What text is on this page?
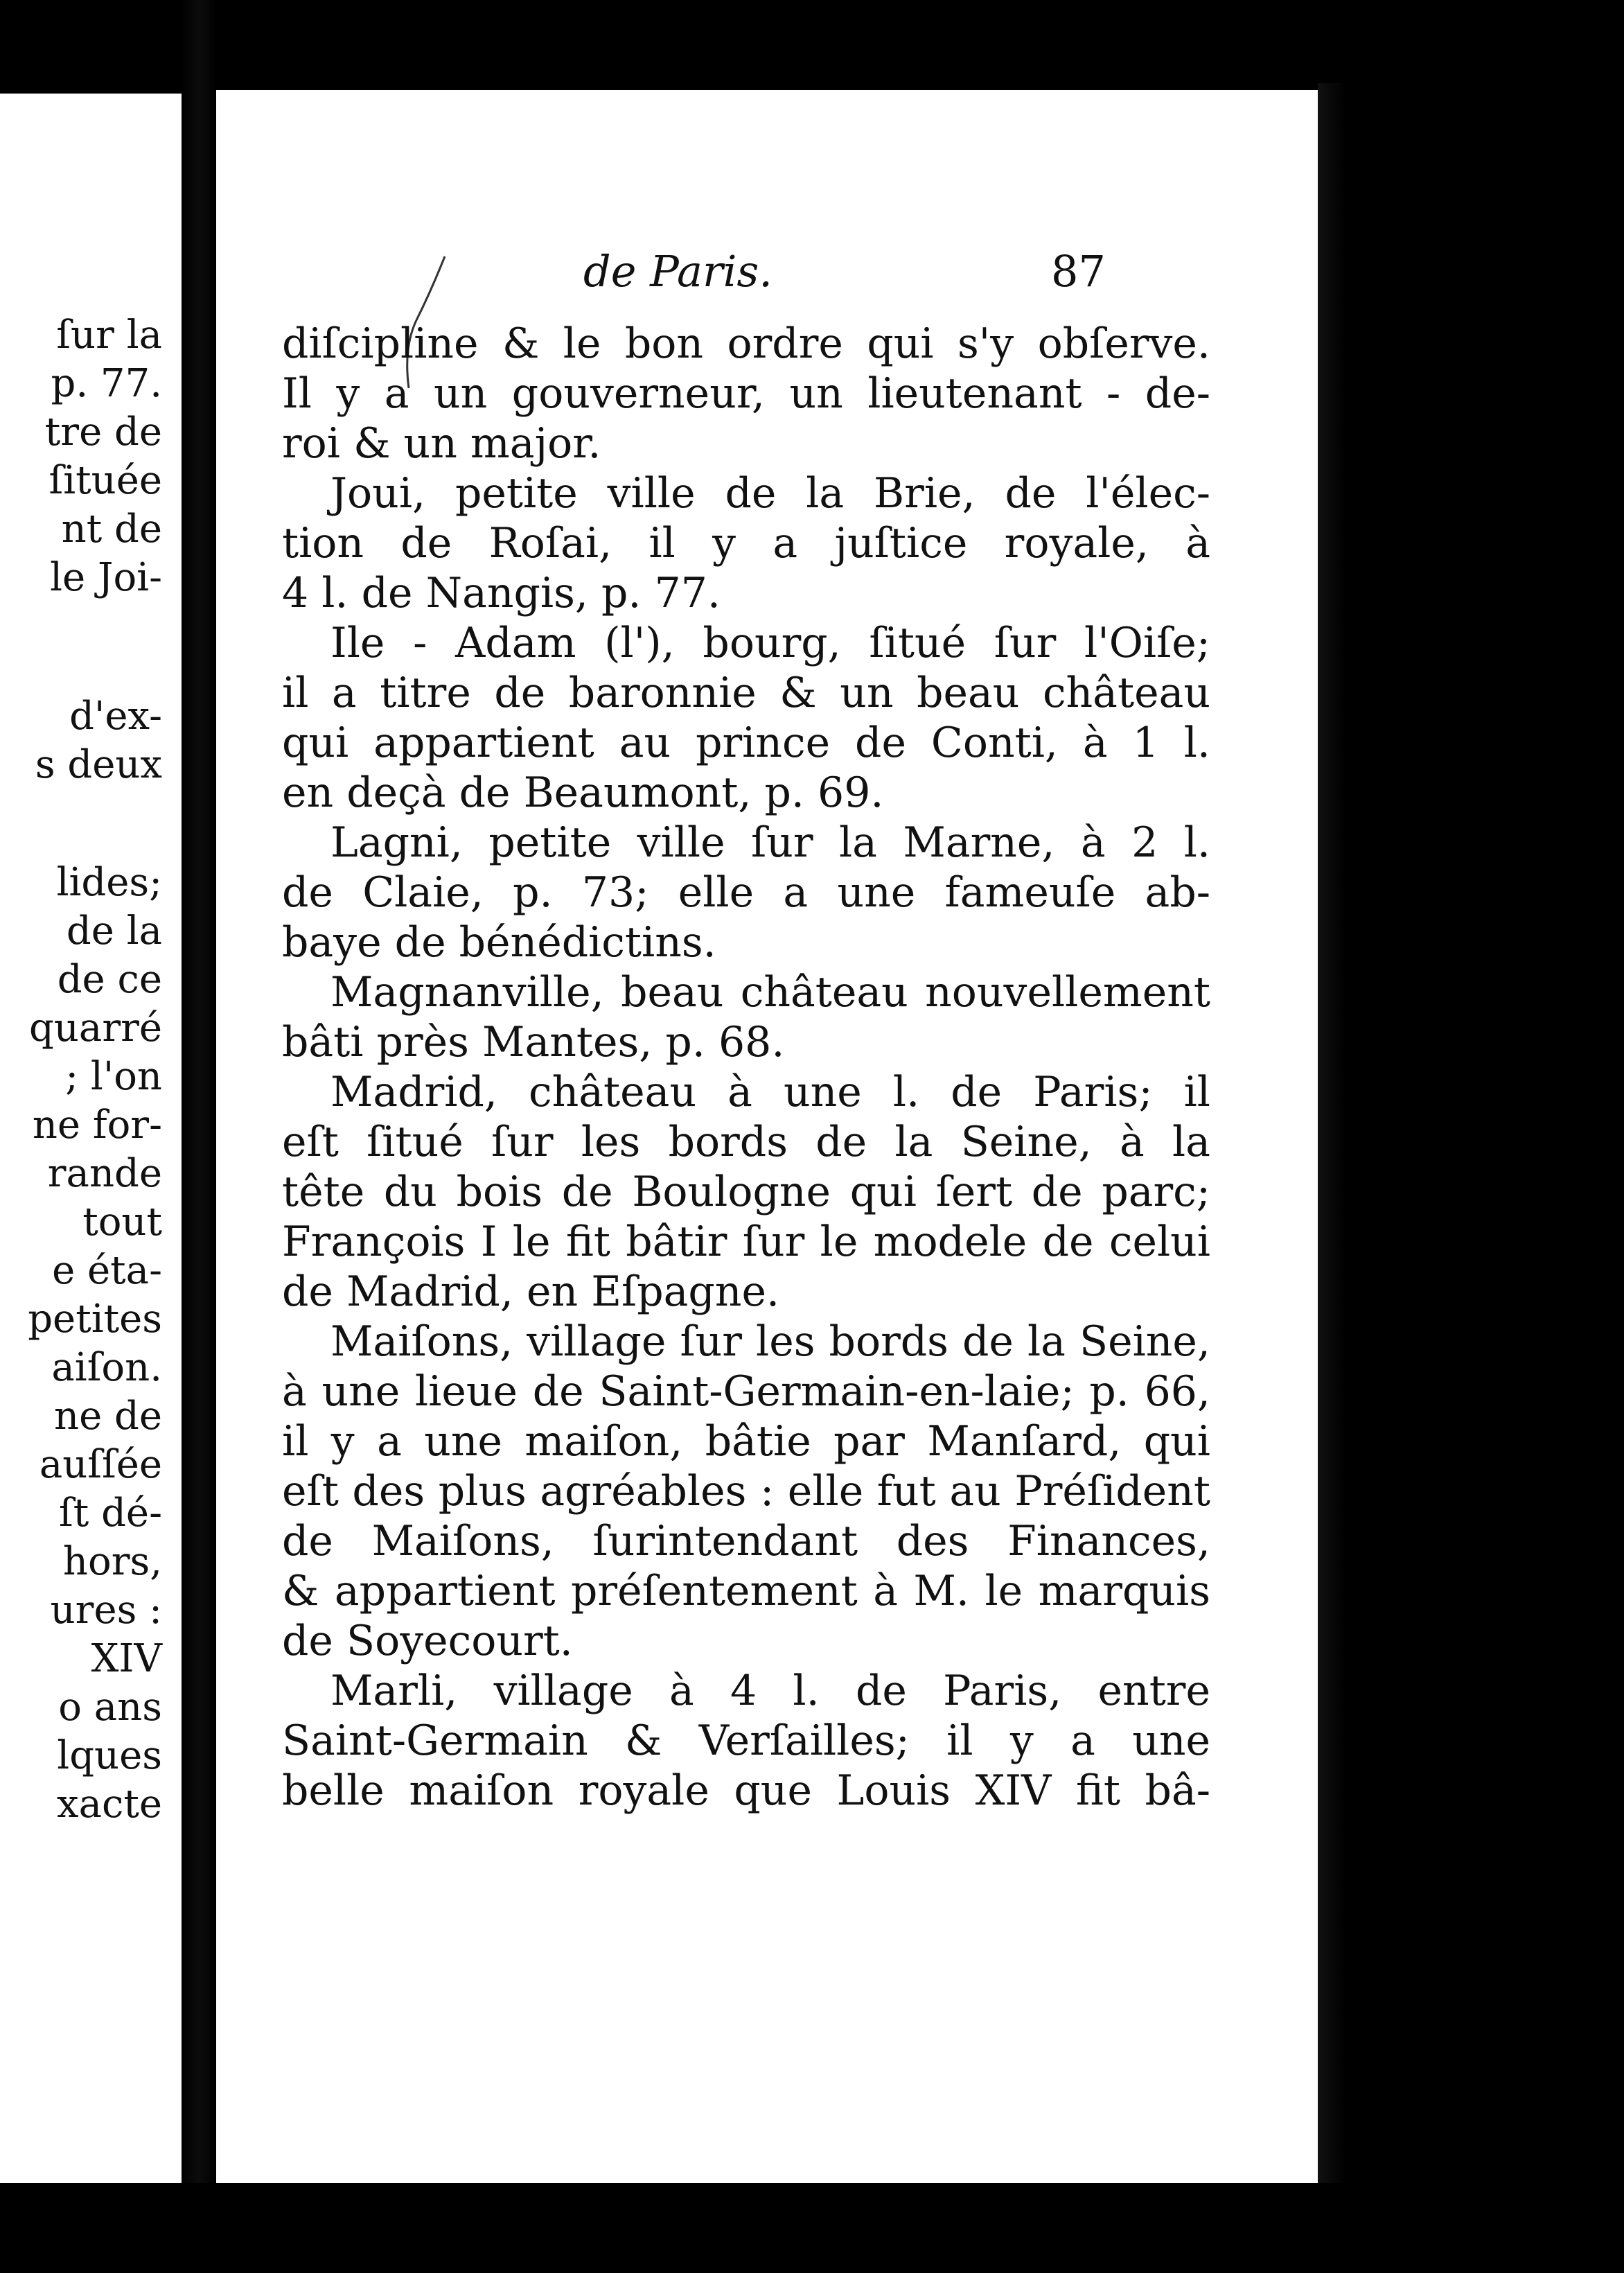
ſur la
p. 77.
tre de
ſituée
nt de
le Joi-
d'ex-
s deux
lides;
de la
de ce
quarré
; l'on
ne for-
rande
tout
e éta-
petites
aiſon.
ne de
auſſée
ſt dé-
hors,
ures :
XIV
o ans
lques
xacte
de Paris.	87
diſcipline & le bon ordre qui s'y obſerve.
Il y a un gouverneur, un lieutenant - de-
roi & un major.
Joui, petite ville de la Brie, de l'élec-
tion de Roſai, il y a juſtice royale, à
4 l. de Nangis, p. 77.
Ile - Adam (l'), bourg, ſitué ſur l'Oiſe;
il a titre de baronnie & un beau château
qui appartient au prince de Conti, à 1 l.
en deçà de Beaumont, p. 69.
Lagni, petite ville ſur la Marne, à 2 l.
de Claie, p. 73; elle a une fameuſe ab-
baye de bénédictins.
Magnanville, beau château nouvellement
bâti près Mantes, p. 68.
Madrid, château à une l. de Paris; il
eſt ſitué ſur les bords de la Seine, à la
tête du bois de Boulogne qui ſert de parc;
François I le fit bâtir ſur le modele de celui
de Madrid, en Eſpagne.
Maiſons, village ſur les bords de la Seine,
à une lieue de Saint-Germain-en-laie; p. 66,
il y a une maiſon, bâtie par Manſard, qui
eſt des plus agréables : elle fut au Préſident
de Maiſons, ſurintendant des Finances,
& appartient préſentement à M. le marquis
de Soyecourt.
Marli, village à 4 l. de Paris, entre
Saint-Germain & Verſailles; il y a une
belle maiſon royale que Louis XIV fit bâ-
